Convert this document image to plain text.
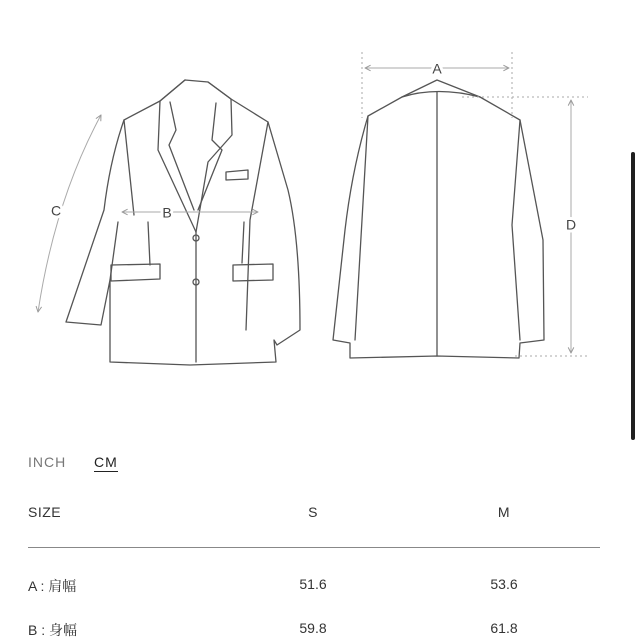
A
B
C
D
INCH CM
SIZE	S	M
A : 肩幅	51.6	53.6
B : 身幅	59.8	61.8
